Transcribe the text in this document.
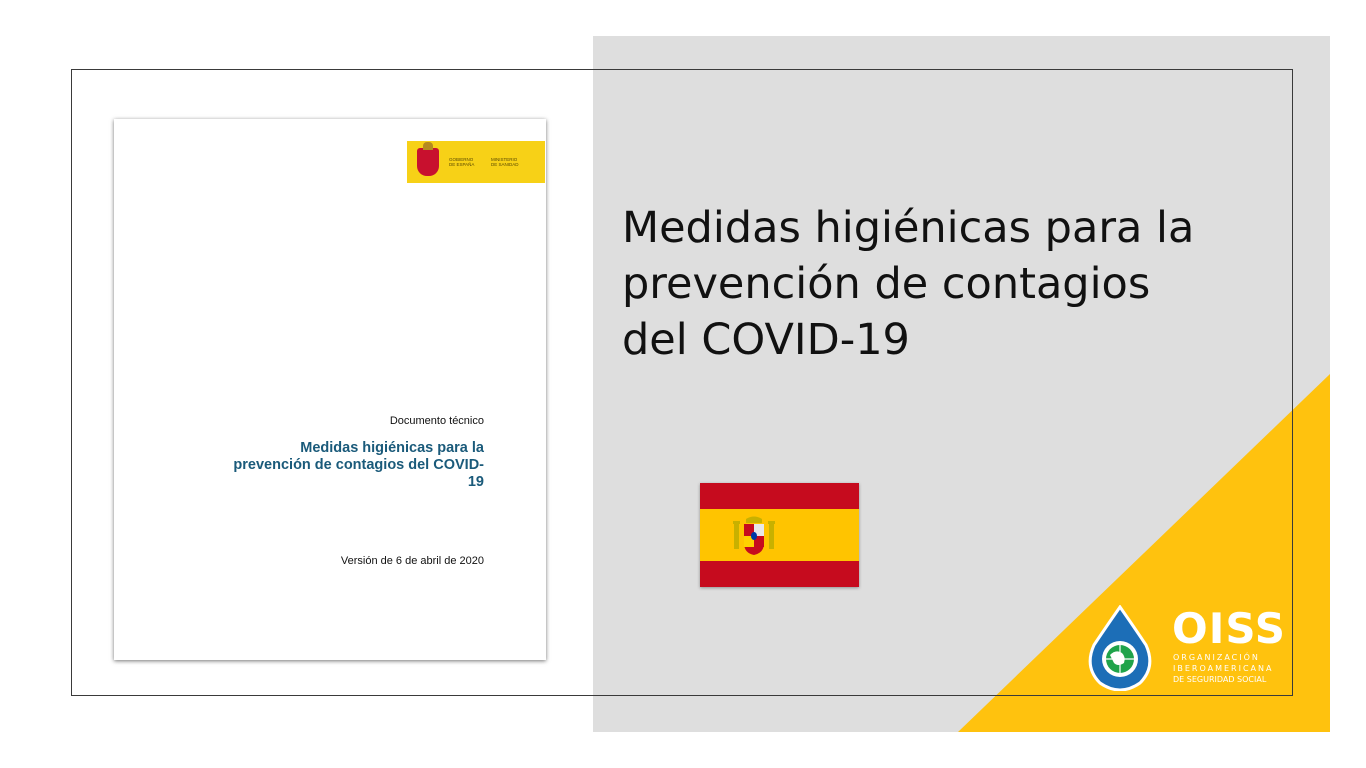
GOBIERNO
DE ESPAÑA
MINISTERIO
DE SANIDAD
Documento técnico
Medidas higiénicas para la prevención de contagios del COVID-19
Versión de 6 de abril de 2020
Medidas higiénicas para la
prevención de contagios
del COVID-19
OISS
ORGANIZACIÓN
IBEROAMERICANA
DE SEGURIDAD SOCIAL
